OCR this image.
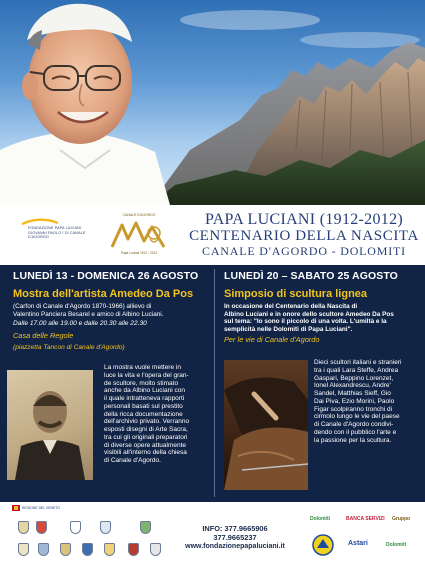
FONDAZIONE PAPA LUCIANI GIOVANNI PAOLO I DI CANALE D'AGORDO
CANALE D'AGORDO
Papa Luciani 1912 · 2012
PAPA LUCIANI (1912-2012)
CENTENARIO DELLA NASCITA
CANALE D'AGORDO - DOLOMITI
LUNEDÌ 13 - DOMENICA 26 AGOSTO
Mostra dell'artista Amedeo Da Pos
(Carfon di Canale d'Agordo 1870-1966) allievo di
Valentino Panciera Besarel e amico di Albino Luciani.
Dalle 17.00 alle 19.00 e dalle 20.30 alle 22.30
Casa delle Regole
(piazzetta Tancon di Canale d'Agordo)
La mostra vuole mettere in
luce la vita e l'opera del gran-
de scultore, molto stimato
anche da Albino Luciani con
il quale intratteneva rapporti
personali basati sul prestito
della ricca documentazione
dell'archivio privato. Verranno
esposti disegni di Arte Sacra,
tra cui gli originali preparatori
di diverse opere attualmente
visibili all'interno della chiesa
di Canale d'Agordo.
LUNEDÌ 20 – SABATO 25 AGOSTO
Simposio di scultura lignea
In occasione del Centenario della Nascita di
Albino Luciani e in onore dello scultore Amedeo Da Pos
sul tema: "Io sono il piccolo di una volta. L'umiltà e la
semplicità nelle Dolomiti di Papa Luciani".
Per le vie di Canale d'Agordo
Dieci scultori italiani e stranieri
tra i quali Lara Steffe, Andrea
Gaspari, Beppino Lorenzet,
Ionel Alexandrescu, Andre'
Sandel, Matthias Sieff, Gio
Dai Piva, Ezio Morini, Paolo
Figar scolpiranno tronchi di
cirmolo lungo le vie del paese
di Canale d'Agordo condivi-
dendo con il pubblico l'arte e
la passione per la scultura.
REGIONE DEL VENETO
INFO: 377.9665906
377.9665237
www.fondazionepapaluciani.it
Dolomiti	BANCA SERVIZI Gruppo
Astari	Dolomiti
